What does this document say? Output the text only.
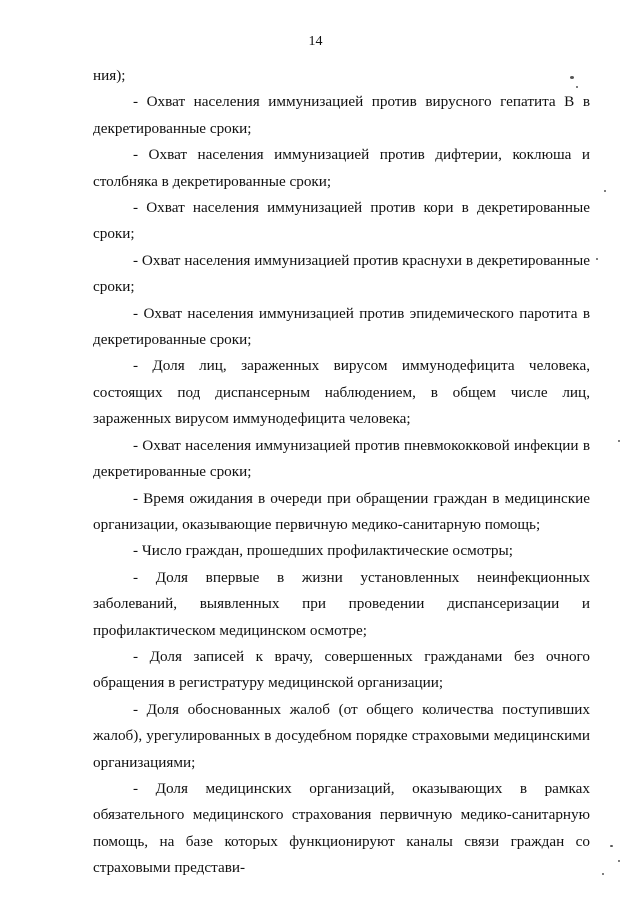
14

ния);

- Охват населения иммунизацией против вирусного гепатита В в декретированные сроки;

- Охват населения иммунизацией против дифтерии, коклюша и столбняка в декретированные сроки;

- Охват населения иммунизацией против кори в декретированные сроки;

- Охват населения иммунизацией против краснухи в декретированные сроки;

- Охват населения иммунизацией против эпидемического паротита в декретированные сроки;

- Доля лиц, зараженных вирусом иммунодефицита человека, состоящих под диспансерным наблюдением, в общем числе лиц, зараженных вирусом иммунодефицита человека;

- Охват населения иммунизацией против пневмококковой инфекции в декретированные сроки;

- Время ожидания в очереди при обращении граждан в медицинские организации, оказывающие первичную медико-санитарную помощь;

- Число граждан, прошедших профилактические осмотры;

- Доля впервые в жизни установленных неинфекционных заболеваний, выявленных при проведении диспансеризации и профилактическом медицинском осмотре;

- Доля записей к врачу, совершенных гражданами без очного обращения в регистратуру медицинской организации;

- Доля обоснованных жалоб (от общего количества поступивших жалоб), урегулированных в досудебном порядке страховыми медицинскими организациями;

- Доля медицинских организаций, оказывающих в рамках обязательного медицинского страхования первичную медико-санитарную помощь, на базе которых функционируют каналы связи граждан со страховыми представи-
